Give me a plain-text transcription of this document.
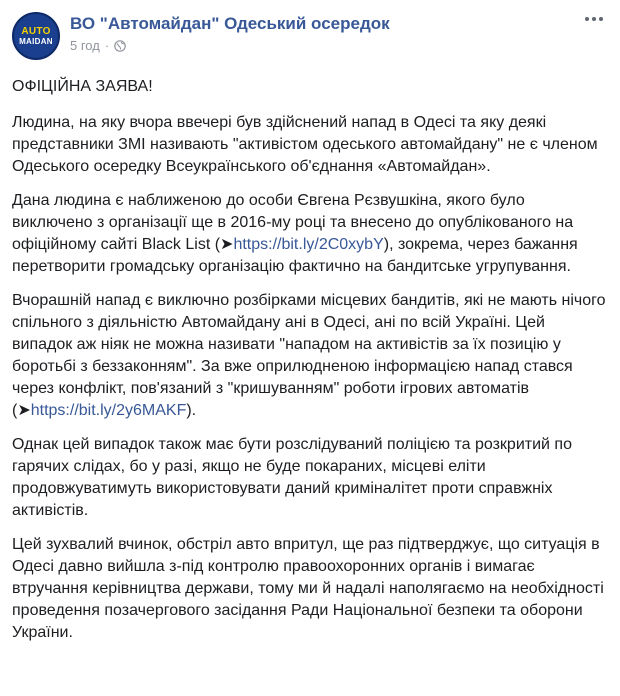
AUTO
MAIDAN
ВО "Автомайдан" Одеський осередок
5 год ·

ОФІЦІЙНА ЗАЯВА!

Людина, на яку вчора ввечері був здійснений напад в Одесі та яку деякі представники ЗМІ називають "активістом одеського автомайдану" не є членом Одеського осередку Всеукраїнського об'єднання «Автомайдан».

Дана людина є наближеною до особи Євгена Рєзвушкіна, якого було виключено з організації ще в 2016-му році та внесено до опублікованого на офіційному сайті Black List (➤https://bit.ly/2C0xybY), зокрема, через бажання перетворити громадську організацію фактично на бандитське угрупування.

Вчорашній напад є виключно розбірками місцевих бандитів, які не мають нічого спільного з діяльністю Автомайдану ані в Одесі, ані по всій Україні. Цей випадок аж ніяк не можна називати "нападом на активістів за їх позицію у боротьбі з беззаконням". За вже оприлюдненою інформацією напад стався через конфлікт, пов'язаний з "кришуванням" роботи ігрових автоматів (➤https://bit.ly/2y6MAKF).

Однак цей випадок також має бути розслідуваний поліцією та розкритий по гарячих слідах, бо у разі, якщо не буде покараних, місцеві еліти продовжуватимуть використовувати даний криміналітет проти справжніх активістів.

Цей зухвалий вчинок, обстріл авто впритул, ще раз підтверджує, що ситуація в Одесі давно вийшла з-під контролю правоохоронних органів і вимагає втручання керівництва держави, тому ми й надалі наполягаємо на необхідності проведення позачергового засідання Ради Національної безпеки та оборони України.
